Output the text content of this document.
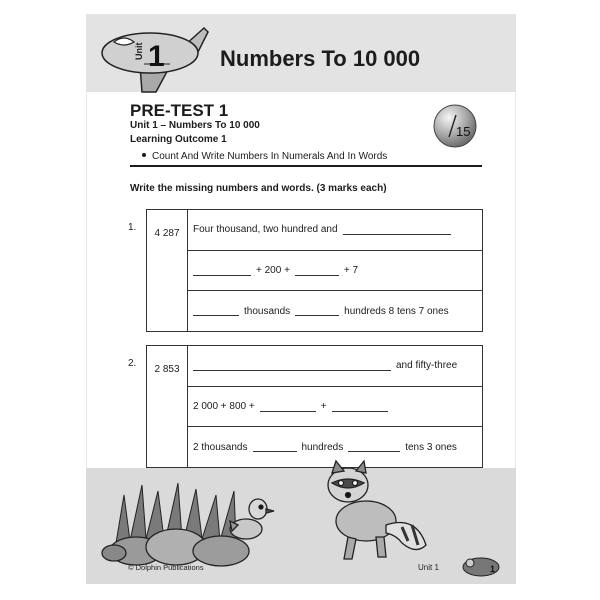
Unit 1	Numbers To 10 000
PRE-TEST 1
Unit 1 – Numbers To 10 000
Learning Outcome 1
Count And Write Numbers In Numerals And In Words
15
Write the missing numbers and words. (3 marks each)
1.
4 287	Four thousand, two hundred and
+ 200 +	+ 7
thousands	hundreds 8 tens 7 ones
2.
2 853	and fifty-three
2 000 + 800 +	+
2 thousands	hundreds	tens 3 ones
1
© Dolphin Publications	Unit 1
